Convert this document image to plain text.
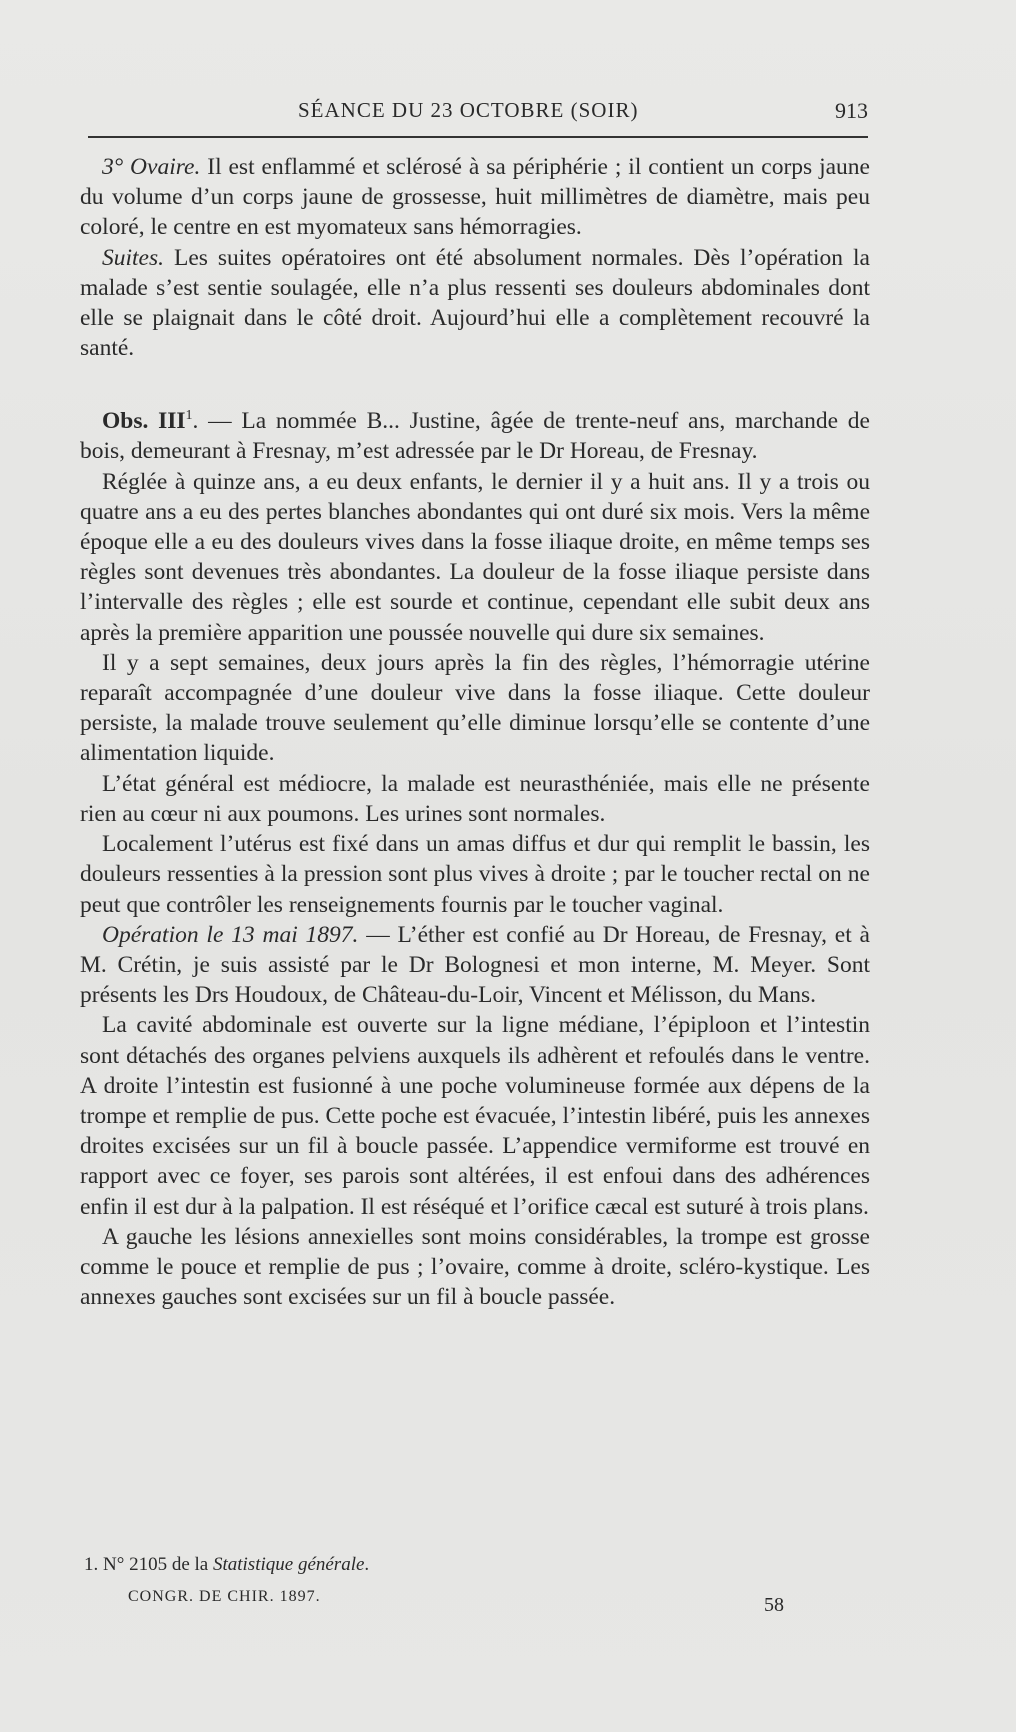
SÉANCE DU 23 OCTOBRE (SOIR)	913

3° Ovaire. Il est enflammé et sclérosé à sa périphérie ; il contient un corps jaune du volume d’un corps jaune de grossesse, huit millimètres de diamètre, mais peu coloré, le centre en est myomateux sans hémorragies.

Suites. Les suites opératoires ont été absolument normales. Dès l’opération la malade s’est sentie soulagée, elle n’a plus ressenti ses douleurs abdominales dont elle se plaignait dans le côté droit. Aujourd’hui elle a complètement recouvré la santé.

Obs. III$^1$. — La nommée B... Justine, âgée de trente-neuf ans, marchande de bois, demeurant à Fresnay, m’est adressée par le Dr Horeau, de Fresnay.

Réglée à quinze ans, a eu deux enfants, le dernier il y a huit ans. Il y a trois ou quatre ans a eu des pertes blanches abondantes qui ont duré six mois. Vers la même époque elle a eu des douleurs vives dans la fosse iliaque droite, en même temps ses règles sont devenues très abondantes. La douleur de la fosse iliaque persiste dans l’intervalle des règles ; elle est sourde et continue, cependant elle subit deux ans après la première apparition une poussée nouvelle qui dure six semaines.

Il y a sept semaines, deux jours après la fin des règles, l’hémorragie utérine reparaît accompagnée d’une douleur vive dans la fosse iliaque. Cette douleur persiste, la malade trouve seulement qu’elle diminue lorsqu’elle se contente d’une alimentation liquide.

L’état général est médiocre, la malade est neurasthéniée, mais elle ne présente rien au cœur ni aux poumons. Les urines sont normales.

Localement l’utérus est fixé dans un amas diffus et dur qui remplit le bassin, les douleurs ressenties à la pression sont plus vives à droite ; par le toucher rectal on ne peut que contrôler les renseignements fournis par le toucher vaginal.

Opération le 13 mai 1897. — L’éther est confié au Dr Horeau, de Fresnay, et à M. Crétin, je suis assisté par le Dr Bolognesi et mon interne, M. Meyer. Sont présents les Drs Houdoux, de Château-du-Loir, Vincent et Mélisson, du Mans.

La cavité abdominale est ouverte sur la ligne médiane, l’épiploon et l’intestin sont détachés des organes pelviens auxquels ils adhèrent et refoulés dans le ventre. A droite l’intestin est fusionné à une poche volumineuse formée aux dépens de la trompe et remplie de pus. Cette poche est évacuée, l’intestin libéré, puis les annexes droites excisées sur un fil à boucle passée. L’appendice vermiforme est trouvé en rapport avec ce foyer, ses parois sont altérées, il est enfoui dans des adhérences enfin il est dur à la palpation. Il est réséqué et l’orifice cæcal est suturé à trois plans.

A gauche les lésions annexielles sont moins considérables, la trompe est grosse comme le pouce et remplie de pus ; l’ovaire, comme à droite, scléro-kystique. Les annexes gauches sont excisées sur un fil à boucle passée.

1. N° 2105 de la Statistique générale.
CONGR. DE CHIR. 1897.	58
